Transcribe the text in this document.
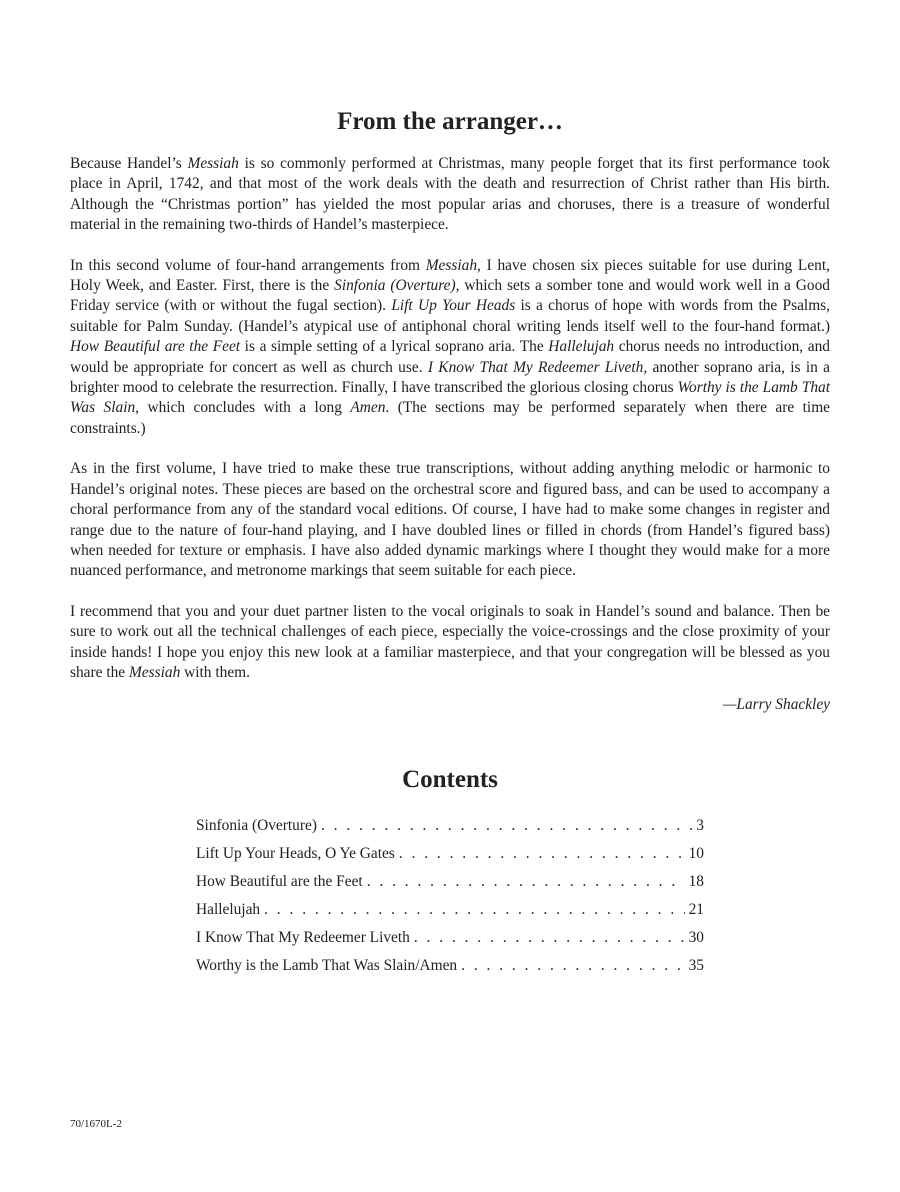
From the arranger…

Because Handel’s Messiah is so commonly performed at Christmas, many people forget that its first performance took place in April, 1742, and that most of the work deals with the death and resurrection of Christ rather than His birth. Although the “Christmas portion” has yielded the most popular arias and choruses, there is a treasure of wonderful material in the remaining two-thirds of Handel’s masterpiece.

In this second volume of four-hand arrangements from Messiah, I have chosen six pieces suitable for use during Lent, Holy Week, and Easter. First, there is the Sinfonia (Overture), which sets a somber tone and would work well in a Good Friday service (with or without the fugal section). Lift Up Your Heads is a chorus of hope with words from the Psalms, suitable for Palm Sunday. (Handel’s atypical use of antiphonal choral writing lends itself well to the four-hand format.) How Beautiful are the Feet is a simple setting of a lyrical soprano aria. The Hallelujah chorus needs no introduction, and would be appropriate for concert as well as church use. I Know That My Redeemer Liveth, another soprano aria, is in a brighter mood to celebrate the resurrection. Finally, I have transcribed the glorious closing chorus Worthy is the Lamb That Was Slain, which concludes with a long Amen. (The sections may be performed separately when there are time constraints.)

As in the first volume, I have tried to make these true transcriptions, without adding anything melodic or harmonic to Handel’s original notes. These pieces are based on the orchestral score and figured bass, and can be used to accompany a choral performance from any of the standard vocal editions. Of course, I have had to make some changes in register and range due to the nature of four-hand playing, and I have doubled lines or filled in chords (from Handel’s figured bass) when needed for texture or emphasis. I have also added dynamic markings where I thought they would make for a more nuanced performance, and metronome markings that seem suitable for each piece.

I recommend that you and your duet partner listen to the vocal originals to soak in Handel’s sound and balance. Then be sure to work out all the technical challenges of each piece, especially the voice-crossings and the close proximity of your inside hands! I hope you enjoy this new look at a familiar masterpiece, and that your congregation will be blessed as you share the Messiah with them.

—Larry Shackley
Contents
Sinfonia (Overture) . . .	3
Lift Up Your Heads, O Ye Gates . . .	10
How Beautiful are the Feet . . .	18
Hallelujah . . .	21
I Know That My Redeemer Liveth . . .	30
Worthy is the Lamb That Was Slain/Amen . . .	35
70/1670L-2
